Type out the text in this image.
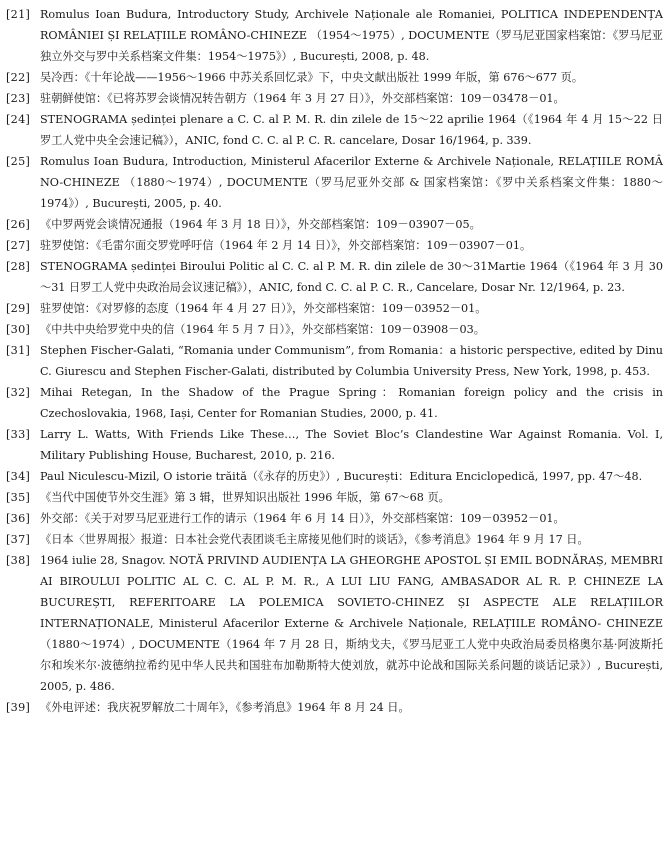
[21] Romulus Ioan Budura, Introductory Study, Archivele Naționale ale Romaniei, POLITICA INDEPENDENȚA ROMÂNIEI ȘI RELAȚIILE ROMÂNO-CHINEZE （1954～1975）, DOCUMENTE（罗马尼亚国家档案馆：《罗马尼亚独立外交与罗中关系档案文件集：1954～1975》）, București, 2008, p. 48.
[22] 吴冷西：《十年论战——1956～1966 中苏关系回忆录》下，中央文献出版社 1999 年版，第 676～677 页。
[23] 驻朝鲜使馆：《已将苏罗会谈情况转告朝方（1964 年 3 月 27 日）》，外交部档案馆：109－03478－01。
[24] STENOGRAMA ședinței plenare a C. C. al P. M. R. din zilele de 15～22 aprilie 1964（《1964 年 4 月 15～22 日罗工人党中央全会速记稿》），ANIC, fond C. C. al P. C. R. cancelare, Dosar 16/1964, p. 339.
[25] Romulus Ioan Budura, Introduction, Ministerul Afacerilor Externe & Archivele Naționale, RELAȚIILE ROMÂ NO-CHINEZE （1880～1974）, DOCUMENTE（罗马尼亚外交部 & 国家档案馆：《罗中关系档案文件集：1880～1974》）, București, 2005, p. 40.
[26] 《中罗两党会谈情况通报（1964 年 3 月 18 日）》，外交部档案馆：109－03907－05。
[27] 驻罗使馆：《毛雷尔面交罗党呼吁信（1964 年 2 月 14 日）》，外交部档案馆：109－03907－01。
[28] STENOGRAMA ședinței Biroului Politic al C. C. al P. M. R. din zilele de 30～31Martie 1964（《1964 年 3 月 30～31 日罗工人党中央政治局会议速记稿》），ANIC, fond C. C. al P. C. R., Cancelare, Dosar Nr. 12/1964, p. 23.
[29] 驻罗使馆：《对罗修的态度（1964 年 4 月 27 日）》，外交部档案馆：109－03952－01。
[30] 《中共中央给罗党中央的信（1964 年 5 月 7 日）》，外交部档案馆：109－03908－03。
[31] Stephen Fischer-Galati, “Romania under Communism”, from Romania：a historic perspective, edited by Dinu C. Giurescu and Stephen Fischer-Galati, distributed by Columbia University Press, New York, 1998, p. 453.
[32] Mihai Retegan, In the Shadow of the Prague Spring：Romanian foreign policy and the crisis in Czechoslovakia, 1968, Iași, Center for Romanian Studies, 2000, p. 41.
[33] Larry L. Watts, With Friends Like These…, The Soviet Bloc’s Clandestine War Against Romania. Vol. I, Military Publishing House, Bucharest, 2010, p. 216.
[34] Paul Niculescu-Mizil, O istorie trăită（《永存的历史》）, București：Editura Enciclopedică, 1997, pp. 47～48.
[35] 《当代中国使节外交生涯》第 3 辑，世界知识出版社 1996 年版，第 67～68 页。
[36] 外交部：《关于对罗马尼亚进行工作的请示（1964 年 6 月 14 日）》，外交部档案馆：109－03952－01。
[37] 《日本〈世界周报〉报道：日本社会党代表团谈毛主席接见他们时的谈话》，《参考消息》1964 年 9 月 17 日。
[38] 1964 iulie 28, Snagov. NOTĂ PRIVIND AUDIENȚA LA GHEORGHE APOSTOL ȘI EMIL BODNĂRAȘ, MEMBRI AI BIROULUI POLITIC AL C. C. AL P. M. R., A LUI LIU FANG, AMBASADOR AL R. P. CHINEZE LA BUCUREȘTI, REFERITOARE LA POLEMICA SOVIETO-CHINEZ ȘI ASPECTE ALE RELAȚIILOR INTERNAȚIONALE, Ministerul Afacerilor Externe & Archivele Naționale, RELAȚIILE ROMÂNO- CHINEZE（1880～1974）, DOCUMENTE（1964 年 7 月 28 日，斯纳戈夫，《罗马尼亚工人党中央政治局委员格奥尔基·阿波斯托尔和埃米尔·波德纳拉希约见中华人民共和国驻布加勒斯特大使刘放，就苏中论战和国际关系问题的谈话记录》）, București, 2005, p. 486.
[39] 《外电评述：我庆祝罗解放二十周年》，《参考消息》1964 年 8 月 24 日。
